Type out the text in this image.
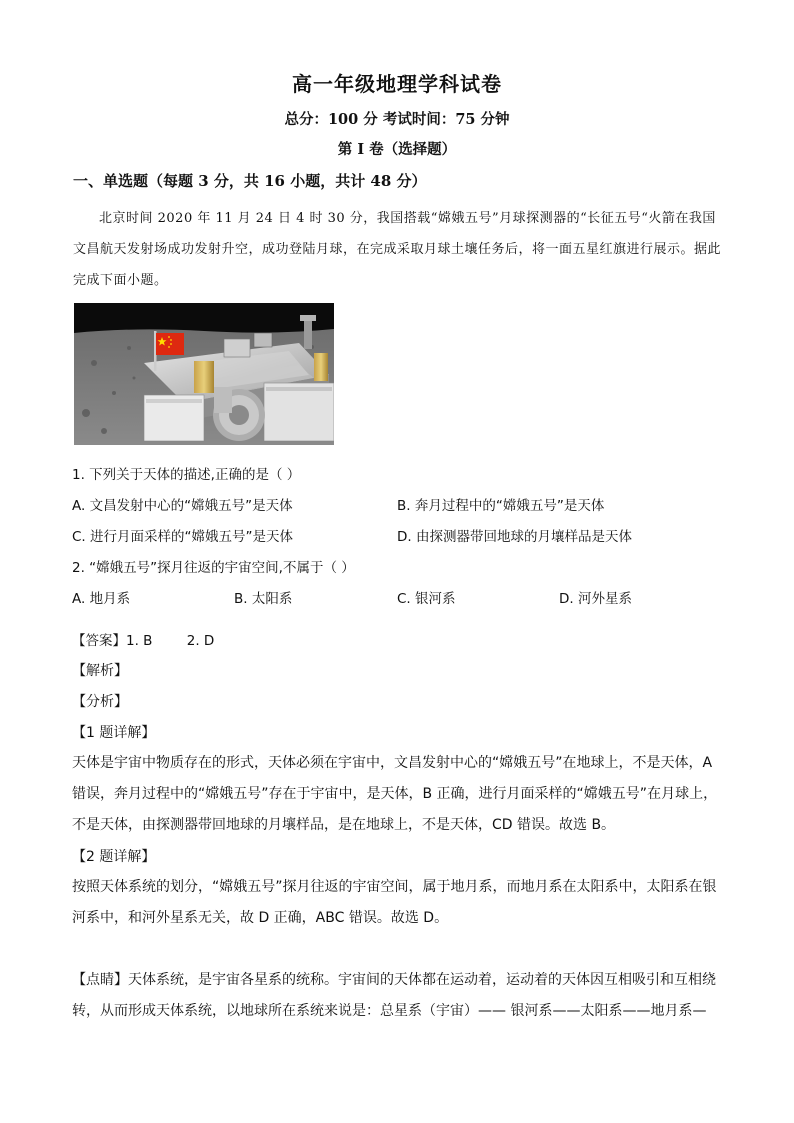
高一年级地理学科试卷
总分：100 分 考试时间：75 分钟
第 I 卷（选择题）
一、单选题（每题 3 分，共 16 小题，共计 48 分）
北京时间 2020 年 11 月 24 日 4 时 30 分，我国搭载“嫦娥五号”月球探测器的“长征五号“火箭在我国文昌航天发射场成功发射升空，成功登陆月球，在完成采取月球土壤任务后，将一面五星红旗进行展示。据此完成下面小题。
1. 下列关于天体的描述,正确的是（ ）
A. 文昌发射中心的“嫦娥五号”是天体	B. 奔月过程中的“嫦娥五号”是天体
C. 进行月面采样的“嫦娥五号”是天体	D. 由探测器带回地球的月壤样品是天体
2. “嫦娥五号”探月往返的宇宙空间,不属于（ ）
A. 地月系	B. 太阳系	C. 银河系	D. 河外星系
【答案】1. B        2. D
【解析】
【分析】
【1 题详解】
天体是宇宙中物质存在的形式，天体必须在宇宙中，文昌发射中心的“嫦娥五号”在地球上，不是天体，A 错误，奔月过程中的“嫦娥五号”存在于宇宙中，是天体，B 正确，进行月面采样的“嫦娥五号”在月球上，不是天体，由探测器带回地球的月壤样品，是在地球上，不是天体，CD 错误。故选 B。
【2 题详解】
按照天体系统的划分，“嫦娥五号”探月往返的宇宙空间，属于地月系，而地月系在太阳系中，太阳系在银河系中，和河外星系无关，故 D 正确，ABC 错误。故选 D。
【点睛】天体系统，是宇宙各星系的统称。宇宙间的天体都在运动着，运动着的天体因互相吸引和互相绕转，从而形成天体系统，以地球所在系统来说是：总星系（宇宙）—— 银河系——太阳系——地月系—
